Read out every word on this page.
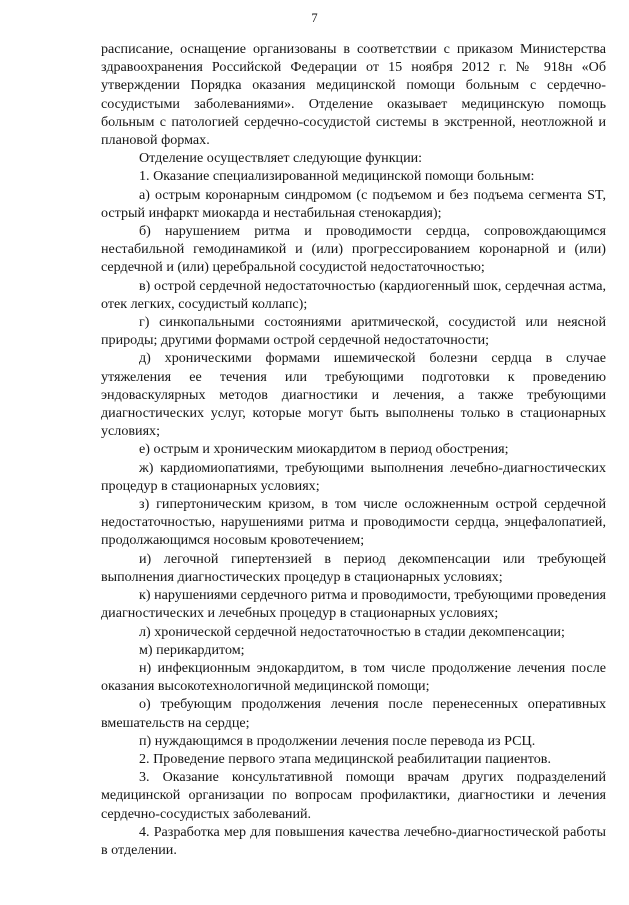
7

расписание, оснащение организованы в соответствии с приказом Министерства здравоохранения Российской Федерации от 15 ноября 2012 г. № 918н «Об утверждении Порядка оказания медицинской помощи больным с сердечно-сосудистыми заболеваниями». Отделение оказывает медицинскую помощь больным с патологией сердечно-сосудистой системы в экстренной, неотложной и плановой формах.

Отделение осуществляет следующие функции:

1. Оказание специализированной медицинской помощи больным:

а) острым коронарным синдромом (с подъемом и без подъема сегмента ST, острый инфаркт миокарда и нестабильная стенокардия);

б) нарушением ритма и проводимости сердца, сопровождающимся нестабильной гемодинамикой и (или) прогрессированием коронарной и (или) сердечной и (или) церебральной сосудистой недостаточностью;

в) острой сердечной недостаточностью (кардиогенный шок, сердечная астма, отек легких, сосудистый коллапс);

г) синкопальными состояниями аритмической, сосудистой или неясной природы; другими формами острой сердечной недостаточности;

д) хроническими формами ишемической болезни сердца в случае утяжеления ее течения или требующими подготовки к проведению эндоваскулярных методов диагностики и лечения, а также требующими диагностических услуг, которые могут быть выполнены только в стационарных условиях;

е) острым и хроническим миокардитом в период обострения;

ж) кардиомиопатиями, требующими выполнения лечебно-диагностических процедур в стационарных условиях;

з) гипертоническим кризом, в том числе осложненным острой сердечной недостаточностью, нарушениями ритма и проводимости сердца, энцефалопатией, продолжающимся носовым кровотечением;

и) легочной гипертензией в период декомпенсации или требующей выполнения диагностических процедур в стационарных условиях;

к) нарушениями сердечного ритма и проводимости, требующими проведения диагностических и лечебных процедур в стационарных условиях;

л) хронической сердечной недостаточностью в стадии декомпенсации;

м) перикардитом;

н) инфекционным эндокардитом, в том числе продолжение лечения после оказания высокотехнологичной медицинской помощи;

о) требующим продолжения лечения после перенесенных оперативных вмешательств на сердце;

п) нуждающимся в продолжении лечения после перевода из РСЦ.

2. Проведение первого этапа медицинской реабилитации пациентов.

3. Оказание консультативной помощи врачам других подразделений медицинской организации по вопросам профилактики, диагностики и лечения сердечно-сосудистых заболеваний.

4. Разработка мер для повышения качества лечебно-диагностической работы в отделении.
